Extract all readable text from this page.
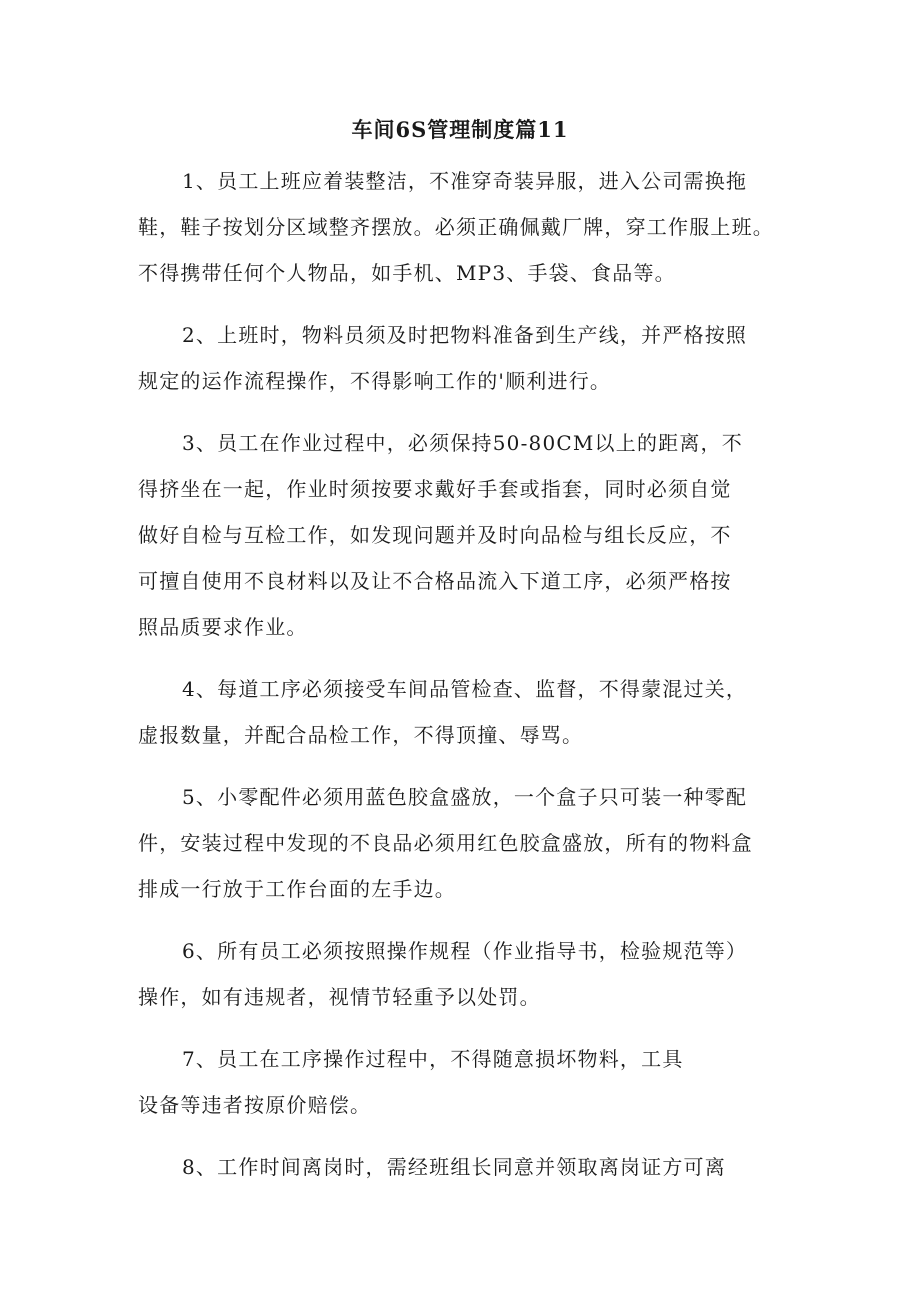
车间6S管理制度篇11

1、员工上班应着装整洁，不准穿奇装异服，进入公司需换拖
鞋，鞋子按划分区域整齐摆放。必须正确佩戴厂牌，穿工作服上班。
不得携带任何个人物品，如手机、MP3、手袋、食品等。

2、上班时，物料员须及时把物料准备到生产线，并严格按照
规定的运作流程操作，不得影响工作的'顺利进行。

3、员工在作业过程中，必须保持50-80CM以上的距离，不
得挤坐在一起，作业时须按要求戴好手套或指套，同时必须自觉
做好自检与互检工作，如发现问题并及时向品检与组长反应，不
可擅自使用不良材料以及让不合格品流入下道工序，必须严格按
照品质要求作业。

4、每道工序必须接受车间品管检查、监督，不得蒙混过关，
虚报数量，并配合品检工作，不得顶撞、辱骂。

5、小零配件必须用蓝色胶盒盛放，一个盒子只可装一种零配
件，安装过程中发现的不良品必须用红色胶盒盛放，所有的物料盒
排成一行放于工作台面的左手边。

6、所有员工必须按照操作规程（作业指导书，检验规范等）
操作，如有违规者，视情节轻重予以处罚。

7、员工在工序操作过程中，不得随意损坏物料，工具
设备等违者按原价赔偿。

8、工作时间离岗时，需经班组长同意并领取离岗证方可离
